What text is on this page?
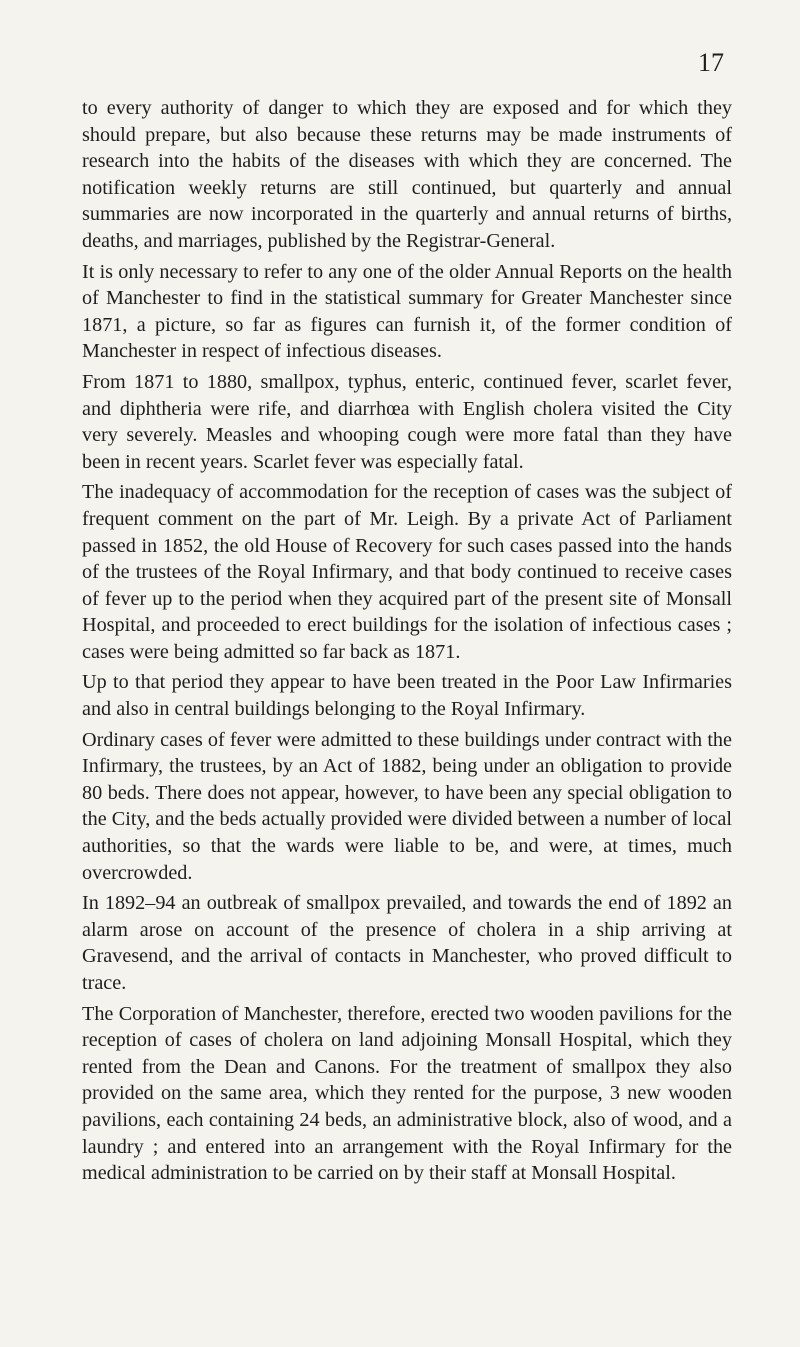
17

to every authority of danger to which they are exposed and for which they should prepare, but also because these returns may be made instruments of research into the habits of the diseases with which they are concerned. The notification weekly returns are still continued, but quarterly and annual summaries are now incorporated in the quarterly and annual returns of births, deaths, and marriages, published by the Registrar-General.

It is only necessary to refer to any one of the older Annual Reports on the health of Manchester to find in the statistical summary for Greater Manchester since 1871, a picture, so far as figures can furnish it, of the former condition of Manchester in respect of infectious diseases.

From 1871 to 1880, smallpox, typhus, enteric, continued fever, scarlet fever, and diphtheria were rife, and diarrhœa with English cholera visited the City very severely. Measles and whooping cough were more fatal than they have been in recent years. Scarlet fever was especially fatal.

The inadequacy of accommodation for the reception of cases was the subject of frequent comment on the part of Mr. Leigh. By a private Act of Parliament passed in 1852, the old House of Recovery for such cases passed into the hands of the trustees of the Royal Infirmary, and that body continued to receive cases of fever up to the period when they acquired part of the present site of Monsall Hospital, and proceeded to erect buildings for the isolation of infectious cases ; cases were being admitted so far back as 1871.

Up to that period they appear to have been treated in the Poor Law Infirmaries and also in central buildings belonging to the Royal Infirmary.

Ordinary cases of fever were admitted to these buildings under contract with the Infirmary, the trustees, by an Act of 1882, being under an obligation to provide 80 beds. There does not appear, however, to have been any special obligation to the City, and the beds actually provided were divided between a number of local authorities, so that the wards were liable to be, and were, at times, much overcrowded.

In 1892–94 an outbreak of smallpox prevailed, and towards the end of 1892 an alarm arose on account of the presence of cholera in a ship arriving at Gravesend, and the arrival of contacts in Manchester, who proved difficult to trace.

The Corporation of Manchester, therefore, erected two wooden pavilions for the reception of cases of cholera on land adjoining Monsall Hospital, which they rented from the Dean and Canons. For the treatment of smallpox they also provided on the same area, which they rented for the purpose, 3 new wooden pavilions, each containing 24 beds, an administrative block, also of wood, and a laundry ; and entered into an arrangement with the Royal Infirmary for the medical administration to be carried on by their staff at Monsall Hospital.
